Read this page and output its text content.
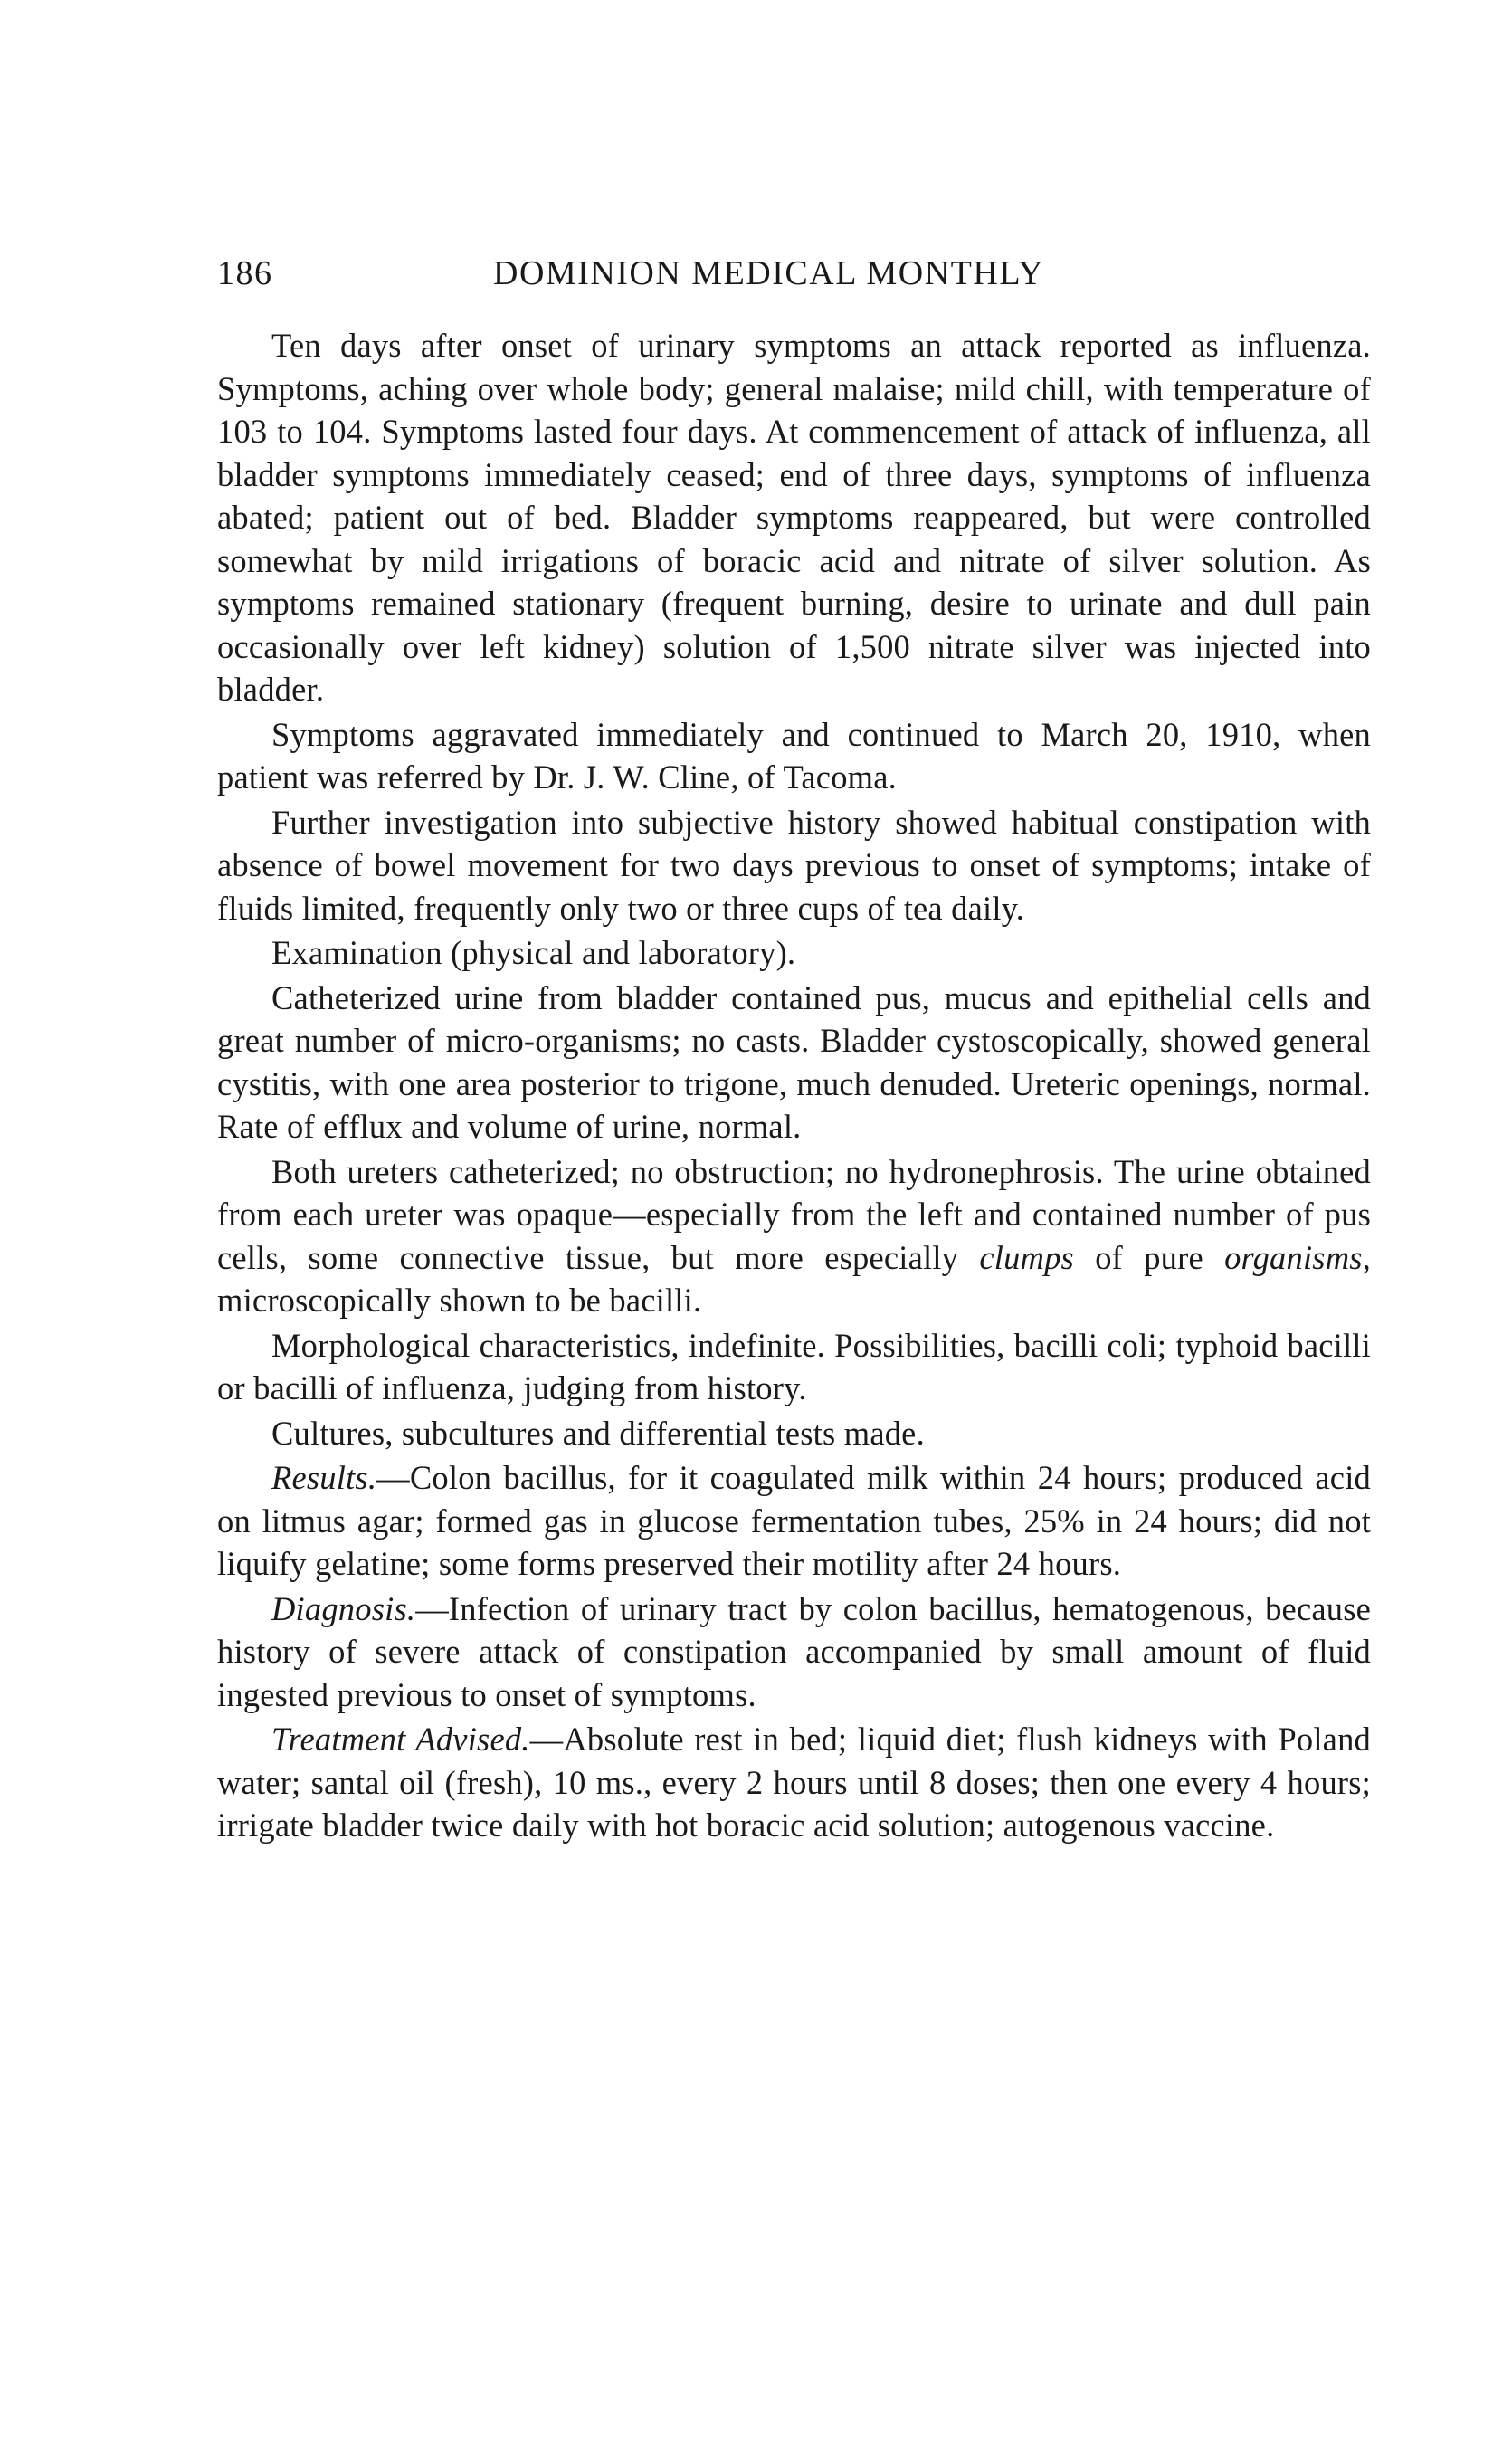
186	DOMINION MEDICAL MONTHLY

Ten days after onset of urinary symptoms an attack reported as influenza. Symptoms, aching over whole body; general malaise; mild chill, with temperature of 103 to 104. Symptoms lasted four days. At commencement of attack of influenza, all bladder symptoms immediately ceased; end of three days, symptoms of influenza abated; patient out of bed. Bladder symptoms reappeared, but were controlled somewhat by mild irrigations of boracic acid and nitrate of silver solution. As symptoms remained stationary (frequent burning, desire to urinate and dull pain occasionally over left kidney) solution of 1,500 nitrate silver was injected into bladder.

Symptoms aggravated immediately and continued to March 20, 1910, when patient was referred by Dr. J. W. Cline, of Tacoma.

Further investigation into subjective history showed habitual constipation with absence of bowel movement for two days previous to onset of symptoms; intake of fluids limited, frequently only two or three cups of tea daily.

Examination (physical and laboratory).

Catheterized urine from bladder contained pus, mucus and epithelial cells and great number of micro-organisms; no casts. Bladder cystoscopically, showed general cystitis, with one area posterior to trigone, much denuded. Ureteric openings, normal. Rate of efflux and volume of urine, normal.

Both ureters catheterized; no obstruction; no hydronephrosis. The urine obtained from each ureter was opaque—especially from the left and contained number of pus cells, some connective tissue, but more especially clumps of pure organisms, microscopically shown to be bacilli.

Morphological characteristics, indefinite. Possibilities, bacilli coli; typhoid bacilli or bacilli of influenza, judging from history.

Cultures, subcultures and differential tests made.

Results.—Colon bacillus, for it coagulated milk within 24 hours; produced acid on litmus agar; formed gas in glucose fermentation tubes, 25% in 24 hours; did not liquify gelatine; some forms preserved their motility after 24 hours.

Diagnosis.—Infection of urinary tract by colon bacillus, hematogenous, because history of severe attack of constipation accompanied by small amount of fluid ingested previous to onset of symptoms.

Treatment Advised.—Absolute rest in bed; liquid diet; flush kidneys with Poland water; santal oil (fresh), 10 ms., every 2 hours until 8 doses; then one every 4 hours; irrigate bladder twice daily with hot boracic acid solution; autogenous vaccine.
